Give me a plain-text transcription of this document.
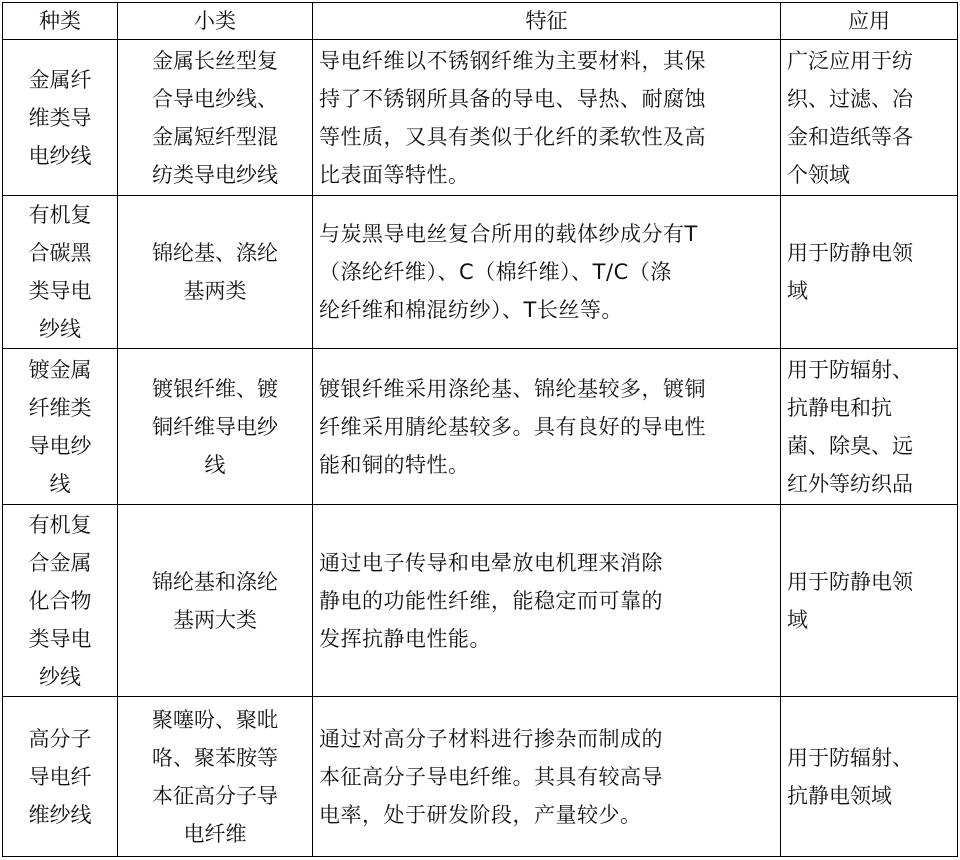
种类	小类	特征	应用

金属纤
维类导
电纱线	金属长丝型复
合导电纱线、
金属短纤型混
纺类导电纱线	导电纤维以不锈钢纤维为主要材料，其保
持了不锈钢所具备的导电、导热、耐腐蚀
等性质，又具有类似于化纤的柔软性及高
比表面等特性。	广泛应用于纺
织、过滤、冶
金和造纸等各
个领域

有机复
合碳黑
类导电
纱线	锦纶基、涤纶
基两类	与炭黑导电丝复合所用的载体纱成分有T
（涤纶纤维）、C（棉纤维）、T/C（涤
纶纤维和棉混纺纱）、T长丝等。	用于防静电领
域

镀金属
纤维类
导电纱
线	镀银纤维、镀
铜纤维导电纱
线	镀银纤维采用涤纶基、锦纶基较多，镀铜
纤维采用腈纶基较多。具有良好的导电性
能和铜的特性。	用于防辐射、
抗静电和抗
菌、除臭、远
红外等纺织品

有机复
合金属
化合物
类导电
纱线	锦纶基和涤纶
基两大类	通过电子传导和电晕放电机理来消除
静电的功能性纤维，能稳定而可靠的
发挥抗静电性能。	用于防静电领
域

高分子
导电纤
维纱线	聚噻吩、聚吡
咯、聚苯胺等
本征高分子导
电纤维	通过对高分子材料进行掺杂而制成的
本征高分子导电纤维。其具有较高导
电率，处于研发阶段，产量较少。	用于防辐射、
抗静电领域
